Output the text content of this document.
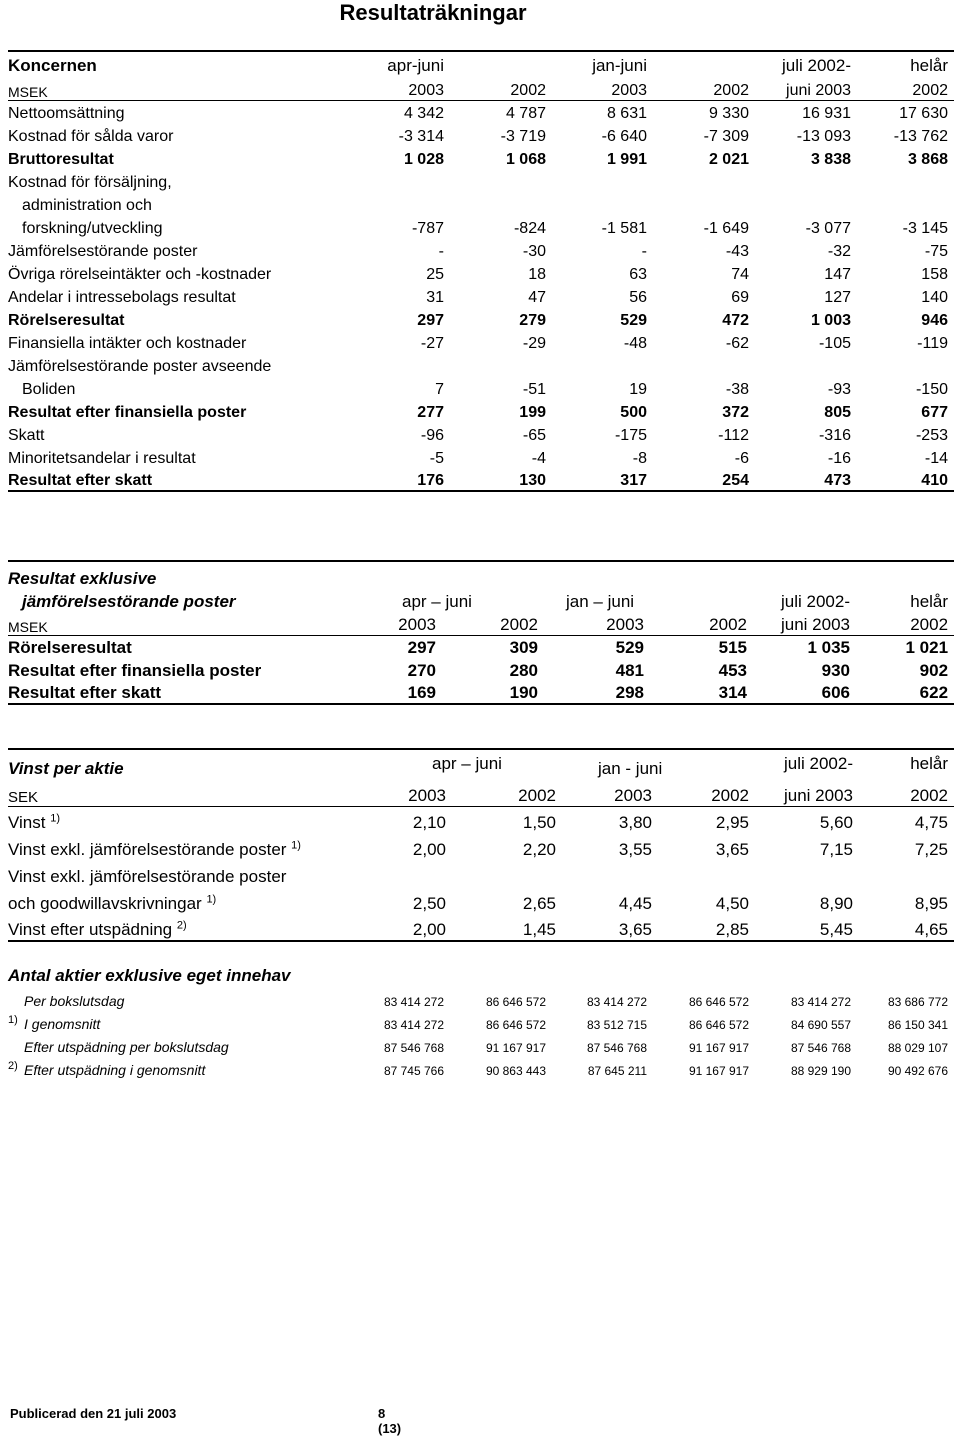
Resultaträkningar
Koncernen	apr-juni		jan-juni		juli 2002-	helår
MSEK	2003	2002	2003	2002	juni 2003	2002
Nettoomsättning	4 342	4 787	8 631	9 330	16 931	17 630
Kostnad för sålda varor	-3 314	-3 719	-6 640	-7 309	-13 093	-13 762
Bruttoresultat	1 028	1 068	1 991	2 021	3 838	3 868
Kostnad för försäljning,						
administration och						
forskning/utveckling	-787	-824	-1 581	-1 649	-3 077	-3 145
Jämförelsestörande poster	-	-30	-	-43	-32	-75
Övriga rörelseintäkter och -kostnader	25	18	63	74	147	158
Andelar i intressebolags resultat	31	47	56	69	127	140
Rörelseresultat	297	279	529	472	1 003	946
Finansiella intäkter och kostnader	-27	-29	-48	-62	-105	-119
Jämförelsestörande poster avseende						
Boliden	7	-51	19	-38	-93	-150
Resultat efter finansiella poster	277	199	500	372	805	677
Skatt	-96	-65	-175	-112	-316	-253
Minoritetsandelar i resultat	-5	-4	-8	-6	-16	-14
Resultat efter skatt	176	130	317	254	473	410
Resultat exklusive						
jämförelsestörande poster	apr – juni		jan – juni		juli 2002-	helår
MSEK	2003	2002	2003	2002	juni 2003	2002
Rörelseresultat	297	309	529	515	1 035	1 021
Resultat efter finansiella poster	270	280	481	453	930	902
Resultat efter skatt	169	190	298	314	606	622
Vinst per aktie	apr – juni		jan - juni		juli 2002-	helår
SEK	2003	2002	2003	2002	juni 2003	2002
Vinst $^{1)}$	2,10	1,50	3,80	2,95	5,60	4,75
Vinst exkl. jämförelsestörande poster $^{1)}$	2,00	2,20	3,55	3,65	7,15	7,25
Vinst exkl. jämförelsestörande poster						
och goodwillavskrivningar $^{1)}$	2,50	2,65	4,45	4,50	8,90	8,95
Vinst efter utspädning $^{2)}$	2,00	1,45	3,65	2,85	5,45	4,65
Antal aktier exklusive eget innehav						
Per bokslutsdag	83 414 272	86 646 572	83 414 272	86 646 572	83 414 272	83 686 772
$^{1)}$ I genomsnitt	83 414 272	86 646 572	83 512 715	86 646 572	84 690 557	86 150 341
Efter utspädning per bokslutsdag	87 546 768	91 167 917	87 546 768	91 167 917	87 546 768	88 029 107
$^{2)}$ Efter utspädning i genomsnitt	87 745 766	90 863 443	87 645 211	91 167 917	88 929 190	90 492 676
Publicerad den 21 juli 2003	8 (13)
